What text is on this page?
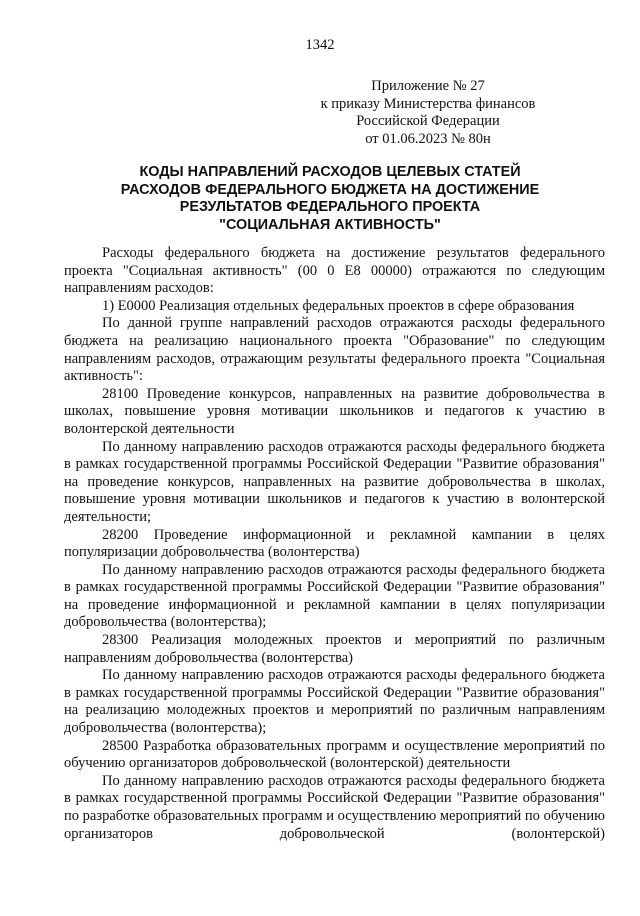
1342
Приложение № 27
к приказу Министерства финансов
Российской Федерации
от 01.06.2023 № 80н
КОДЫ НАПРАВЛЕНИЙ РАСХОДОВ ЦЕЛЕВЫХ СТАТЕЙ
РАСХОДОВ ФЕДЕРАЛЬНОГО БЮДЖЕТА НА ДОСТИЖЕНИЕ
РЕЗУЛЬТАТОВ ФЕДЕРАЛЬНОГО ПРОЕКТА
"СОЦИАЛЬНАЯ АКТИВНОСТЬ"

Расходы федерального бюджета на достижение результатов федерального проекта "Социальная активность" (00 0 Е8 00000) отражаются по следующим направлениям расходов:

1) Е0000 Реализация отдельных федеральных проектов в сфере образования

По данной группе направлений расходов отражаются расходы федерального бюджета на реализацию национального проекта "Образование" по следующим направлениям расходов, отражающим результаты федерального проекта "Социальная активность":

28100 Проведение конкурсов, направленных на развитие добровольчества в школах, повышение уровня мотивации школьников и педагогов к участию в волонтерской деятельности

По данному направлению расходов отражаются расходы федерального бюджета в рамках государственной программы Российской Федерации "Развитие образования" на проведение конкурсов, направленных на развитие добровольчества в школах, повышение уровня мотивации школьников и педагогов к участию в волонтерской деятельности;

28200 Проведение информационной и рекламной кампании в целях популяризации добровольчества (волонтерства)

По данному направлению расходов отражаются расходы федерального бюджета в рамках государственной программы Российской Федерации "Развитие образования" на проведение информационной и рекламной кампании в целях популяризации добровольчества (волонтерства);

28300 Реализация молодежных проектов и мероприятий по различным направлениям добровольчества (волонтерства)

По данному направлению расходов отражаются расходы федерального бюджета в рамках государственной программы Российской Федерации "Развитие образования" на реализацию молодежных проектов и мероприятий по различным направлениям добровольчества (волонтерства);

28500 Разработка образовательных программ и осуществление мероприятий по обучению организаторов добровольческой (волонтерской) деятельности

По данному направлению расходов отражаются расходы федерального бюджета в рамках государственной программы Российской Федерации "Развитие образования" по разработке образовательных программ и осуществлению мероприятий по обучению организаторов добровольческой (волонтерской)
